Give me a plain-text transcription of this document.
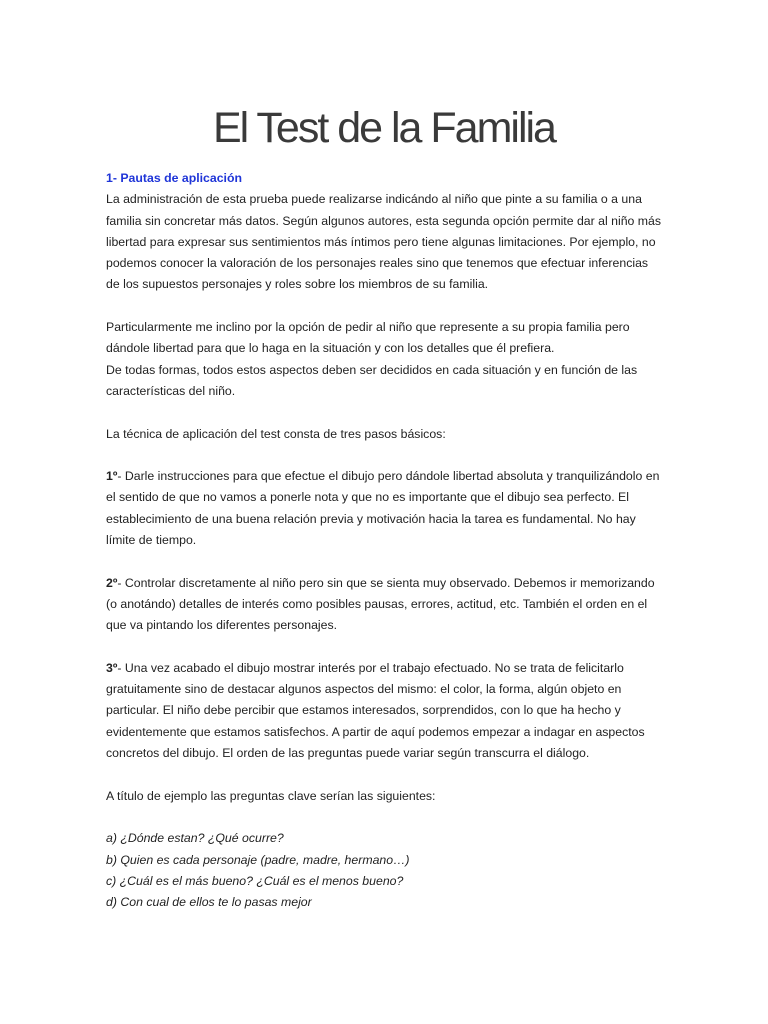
El Test de la Familia

1- Pautas de aplicación

La administración de esta prueba puede realizarse indicándo al niño que pinte a su familia o a una familia sin concretar más datos. Según algunos autores, esta segunda opción permite dar al niño más libertad para expresar sus sentimientos más íntimos pero tiene algunas limitaciones. Por ejemplo, no podemos conocer la valoración de los personajes reales sino que tenemos que efectuar inferencias de los supuestos personajes y roles sobre los miembros de su familia.

Particularmente me inclino por la opción de pedir al niño que represente a su propia familia pero dándole libertad para que lo haga en la situación y con los detalles que él prefiera.

De todas formas, todos estos aspectos deben ser decididos en cada situación y en función de las características del niño.

La técnica de aplicación del test consta de tres pasos básicos:

1º- Darle instrucciones para que efectue el dibujo pero dándole libertad absoluta y tranquilizándolo en el sentido de que no vamos a ponerle nota y que no es importante que el dibujo sea perfecto. El establecimiento de una buena relación previa y motivación hacia la tarea es fundamental. No hay límite de tiempo.

2º- Controlar discretamente al niño pero sin que se sienta muy observado. Debemos ir memorizando (o anotándo) detalles de interés como posibles pausas, errores, actitud, etc. También el orden en el que va pintando los diferentes personajes.

3º- Una vez acabado el dibujo mostrar interés por el trabajo efectuado. No se trata de felicitarlo gratuitamente sino de destacar algunos aspectos del mismo: el color, la forma, algún objeto en particular. El niño debe percibir que estamos interesados, sorprendidos, con lo que ha hecho y evidentemente que estamos satisfechos. A partir de aquí podemos empezar a indagar en aspectos concretos del dibujo. El orden de las preguntas puede variar según transcurra el diálogo.

A título de ejemplo las preguntas clave serían las siguientes:

a) ¿Dónde estan? ¿Qué ocurre?

b) Quien es cada personaje (padre, madre, hermano…)

c) ¿Cuál es el más bueno? ¿Cuál es el menos bueno?

d) Con cual de ellos te lo pasas mejor
